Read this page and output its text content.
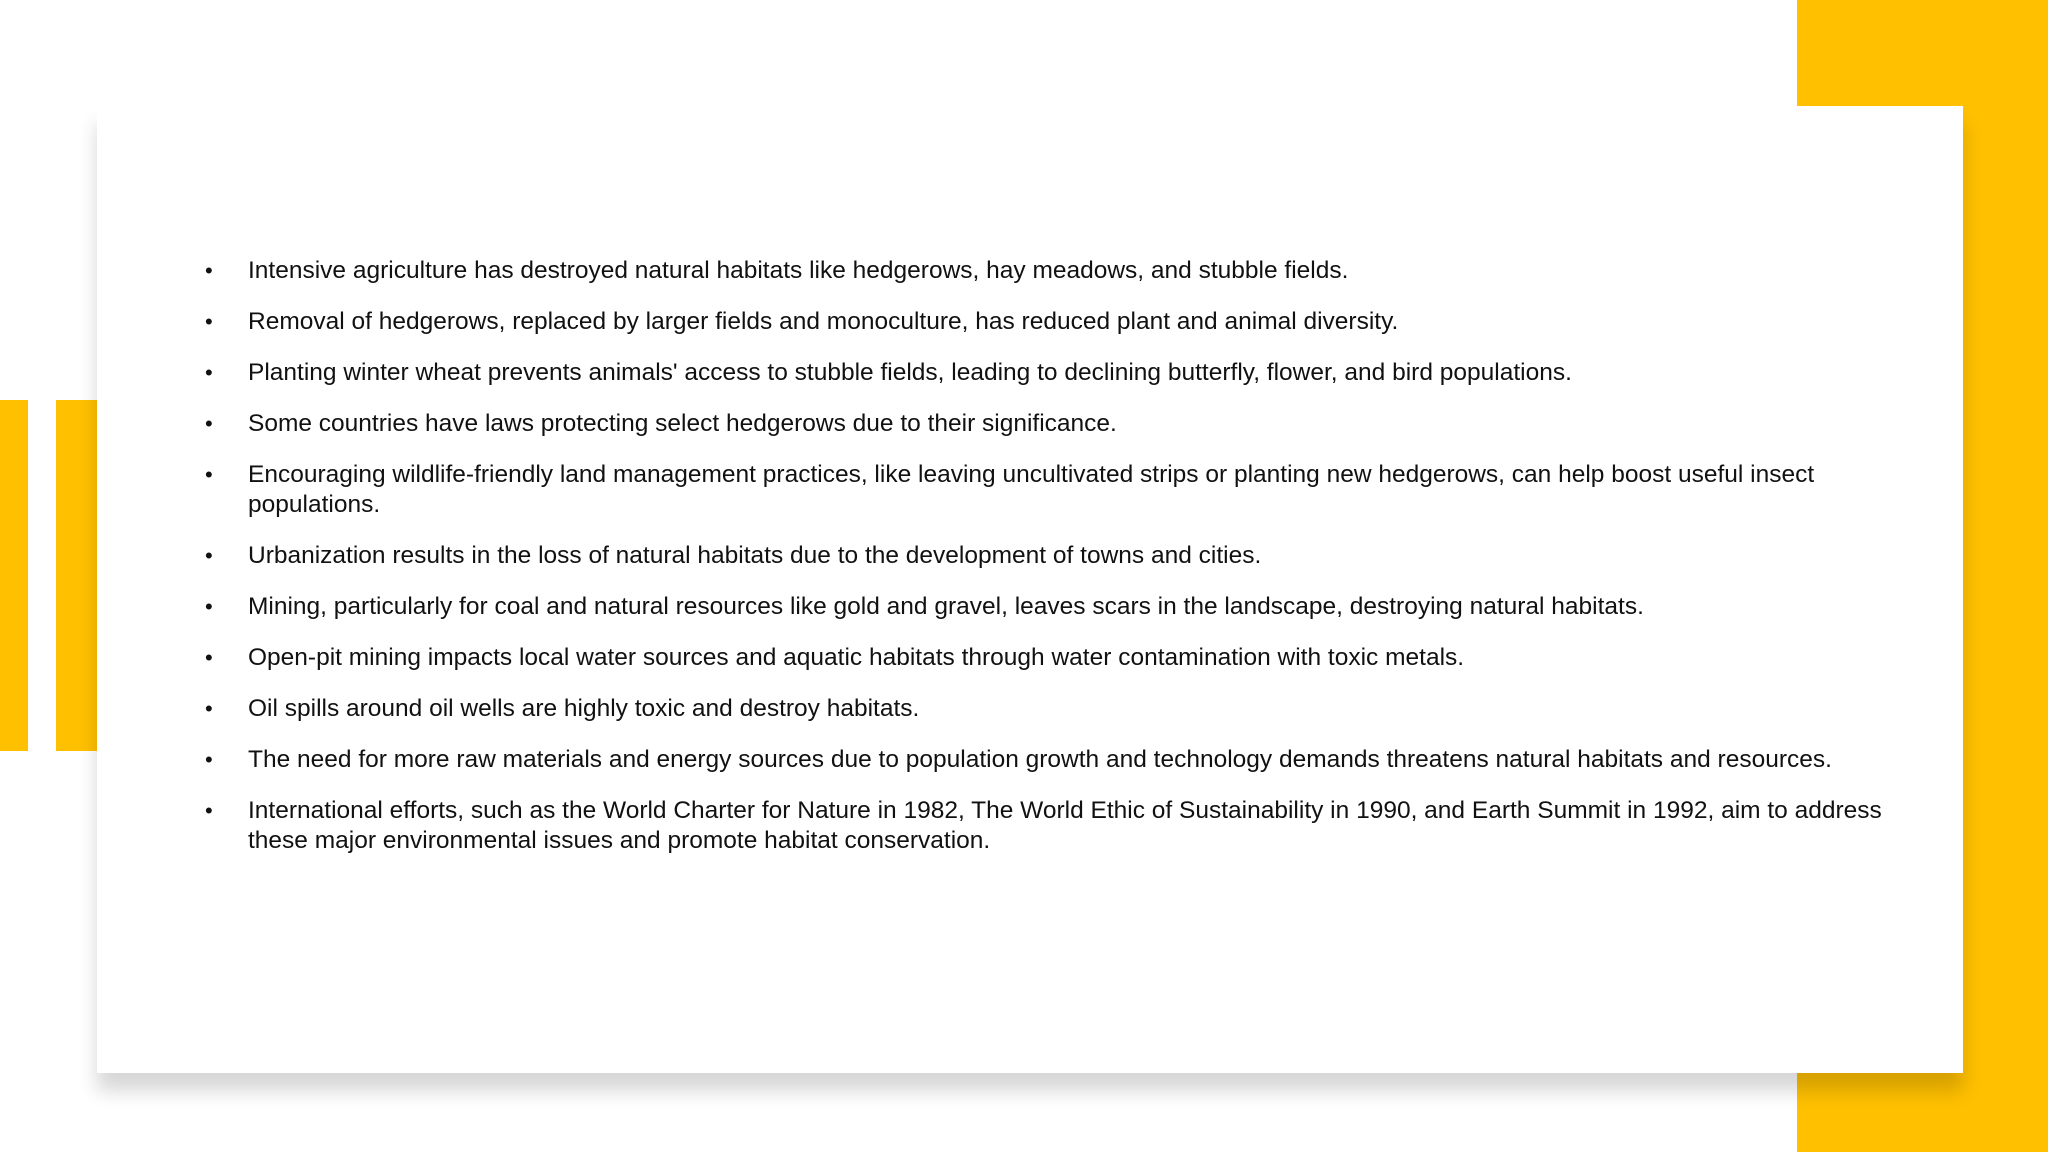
• Intensive agriculture has destroyed natural habitats like hedgerows, hay meadows, and stubble fields.
• Removal of hedgerows, replaced by larger fields and monoculture, has reduced plant and animal diversity.
• Planting winter wheat prevents animals' access to stubble fields, leading to declining butterfly, flower, and bird populations.
• Some countries have laws protecting select hedgerows due to their significance.
• Encouraging wildlife-friendly land management practices, like leaving uncultivated strips or planting new hedgerows, can help boost useful insect populations.
• Urbanization results in the loss of natural habitats due to the development of towns and cities.
• Mining, particularly for coal and natural resources like gold and gravel, leaves scars in the landscape, destroying natural habitats.
• Open-pit mining impacts local water sources and aquatic habitats through water contamination with toxic metals.
• Oil spills around oil wells are highly toxic and destroy habitats.
• The need for more raw materials and energy sources due to population growth and technology demands threatens natural habitats and resources.
• International efforts, such as the World Charter for Nature in 1982, The World Ethic of Sustainability in 1990, and Earth Summit in 1992, aim to address these major environmental issues and promote habitat conservation.
